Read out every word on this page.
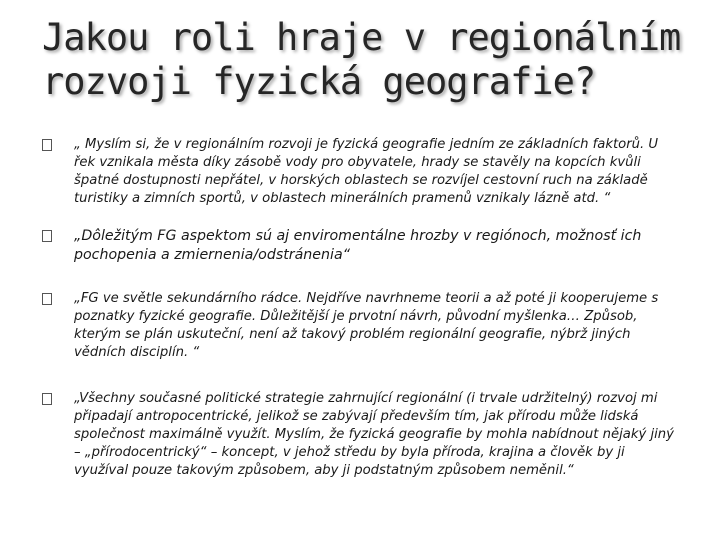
Jakou roli hraje v regionálním rozvoji fyzická geografie?
„ Myslím si, že v regionálním rozvoji je fyzická geografie jedním ze základních faktorů. U řek vznikala města díky zásobě vody pro obyvatele, hrady se stavěly na kopcích kvůli špatné dostupnosti nepřátel, v horských oblastech se rozvíjel cestovní ruch na základě turistiky a zimních sportů, v oblastech minerálních pramenů vznikaly lázně atd. “
„Dôležitým FG aspektom sú aj enviromentálne hrozby v regiónoch, možnosť ich pochopenia a zmiernenia/odstránenia“
„FG ve světle sekundárního rádce. Nejdříve navrhneme teorii a až poté ji kooperujeme s poznatky fyzické geografie. Důležitější je prvotní návrh, původní myšlenka… Způsob, kterým se plán uskuteční, není až takový problém regionální geografie, nýbrž jiných vědních disciplín. “
„Všechny současné politické strategie zahrnující regionální (i trvale udržitelný) rozvoj mi připadají antropocentrické, jelikož se zabývají především tím, jak přírodu může lidská společnost maximálně využít. Myslím, že fyzická geografie by mohla nabídnout nějaký jiný – „přírodocentrický“ – koncept, v jehož středu by byla příroda, krajina a člověk by ji využíval pouze takovým způsobem, aby ji podstatným způsobem neměnil.“
